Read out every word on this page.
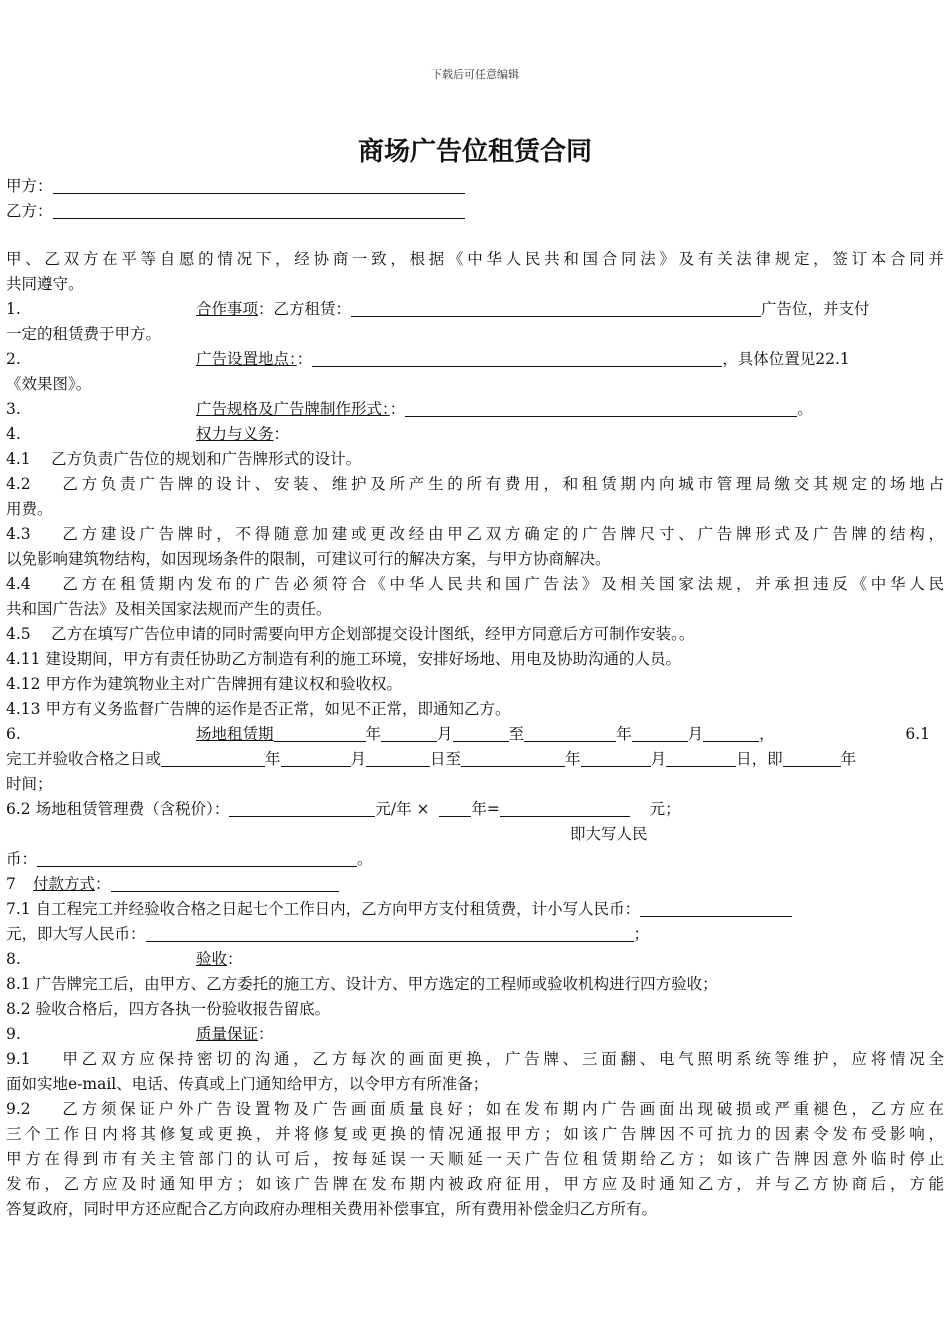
下载后可任意编辑
商场广告位租赁合同
甲方：
乙方：
甲、乙双方在平等自愿的情况下，经协商一致，根据《中华人民共和国合同法》及有关法律规定，签订本合同并
共同遵守。
1.	合作事项：乙方租赁：	广告位，并支付
一定的租赁费于甲方。
2.	广告设置地点：：	，具体位置见22.1
《效果图》。
3.	广告规格及广告牌制作形式：：	。
4.	权力与义务：
4.1　 乙方负责广告位的规划和广告牌形式的设计。
4.2　 乙方负责广告牌的设计、安装、维护及所产生的所有费用，和租赁期内向城市管理局缴交其规定的场地占
用费。
4.3　 乙方建设广告牌时，不得随意加建或更改经由甲乙双方确定的广告牌尺寸、广告牌形式及广告牌的结构，
以免影响建筑物结构，如因现场条件的限制，可建议可行的解决方案，与甲方协商解决。
4.4　 乙方在租赁期内发布的广告必须符合《中华人民共和国广告法》及相关国家法规，并承担违反《中华人民
共和国广告法》及相关国家法规而产生的责任。
4.5　 乙方在填写广告位申请的同时需要向甲方企划部提交设计图纸，经甲方同意后方可制作安装。。
4.11 建设期间，甲方有责任协助乙方制造有利的施工环境，安排好场地、用电及协助沟通的人员。
4.12 甲方作为建筑物业主对广告牌拥有建议权和验收权。
4.13 甲方有义务监督广告牌的运作是否正常，如见不正常，即通知乙方。
6.	场地租赁期	年	月	至	年	月	，	6.1
完工并验收合格之日或	年	月	日至	年	月	日，即	年
时间；
6.2 场地租赁管理费（含税价）：	元/年 ×	年=	元；
即大写人民
币：	。
7 付款方式：
7.1 自工程完工并经验收合格之日起七个工作日内，乙方向甲方支付租赁费，计小写人民币：
元，即大写人民币：	；
8.	验收：
8.1 广告牌完工后，由甲方、乙方委托的施工方、设计方、甲方选定的工程师或验收机构进行四方验收；
8.2 验收合格后，四方各执一份验收报告留底。
9.	质量保证：
9.1　 甲乙双方应保持密切的沟通，乙方每次的画面更换，广告牌、三面翻、电气照明系统等维护，应将情况全
面如实地e-mail、电话、传真或上门通知给甲方，以令甲方有所准备；
9.2　 乙方须保证户外广告设置物及广告画面质量良好；如在发布期内广告画面出现破损或严重褪色，乙方应在
三个工作日内将其修复或更换，并将修复或更换的情况通报甲方；如该广告牌因不可抗力的因素令发布受影响，
甲方在得到市有关主管部门的认可后，按每延误一天顺延一天广告位租赁期给乙方；如该广告牌因意外临时停止
发布，乙方应及时通知甲方；如该广告牌在发布期内被政府征用，甲方应及时通知乙方，并与乙方协商后，方能
答复政府，同时甲方还应配合乙方向政府办理相关费用补偿事宜，所有费用补偿金归乙方所有。
